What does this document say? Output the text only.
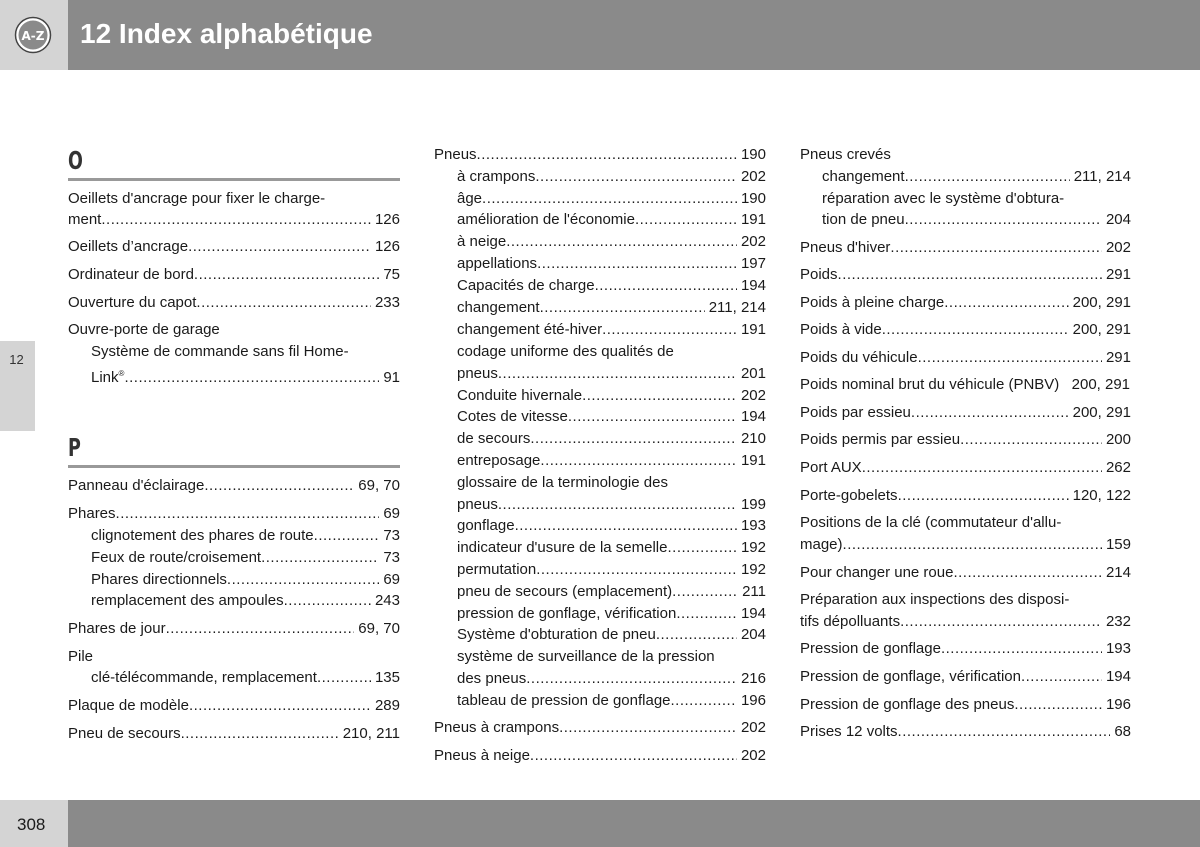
A-Z 12 Index alphabétique
12
O
Oeillets d'ancrage pour fixer le charge-
ment .....	126
Oeillets d’ancrage .....	126
Ordinateur de bord .....	75
Ouverture du capot .....	233
Ouvre-porte de garage
Système de commande sans fil Home-
Link® .....	91
P
Panneau d'éclairage .....	69, 70
Phares .....	69
clignotement des phares de route .....	73
Feux de route/croisement .....	73
Phares directionnels .....	69
remplacement des ampoules .....	243
Phares de jour .....	69, 70
Pile
clé-télécommande, remplacement .....	135
Plaque de modèle .....	289
Pneu de secours .....	210, 211
Pneus .....	190
à crampons .....	202
âge .....	190
amélioration de l'économie .....	191
à neige .....	202
appellations .....	197
Capacités de charge .....	194
changement .....	211, 214
changement été-hiver .....	191
codage uniforme des qualités de
pneus .....	201
Conduite hivernale .....	202
Cotes de vitesse .....	194
de secours .....	210
entreposage .....	191
glossaire de la terminologie des
pneus .....	199
gonflage .....	193
indicateur d'usure de la semelle .....	192
permutation .....	192
pneu de secours (emplacement) .....	211
pression de gonflage, vérification .....	194
Système d'obturation de pneu .....	204
système de surveillance de la pression
des pneus .....	216
tableau de pression de gonflage .....	196
Pneus à crampons .....	202
Pneus à neige .....	202
Pneus crevés
changement .....	211, 214
réparation avec le système d'obtura-
tion de pneu .....	204
Pneus d'hiver .....	202
Poids .....	291
Poids à pleine charge .....	200, 291
Poids à vide .....	200, 291
Poids du véhicule .....	291
Poids nominal brut du véhicule (PNBV) 200, 291
Poids par essieu .....	200, 291
Poids permis par essieu .....	200
Port AUX .....	262
Porte-gobelets .....	120, 122
Positions de la clé (commutateur d'allu-
mage) .....	159
Pour changer une roue .....	214
Préparation aux inspections des disposi-
tifs dépolluants .....	232
Pression de gonflage .....	193
Pression de gonflage, vérification .....	194
Pression de gonflage des pneus .....	196
Prises 12 volts .....	68
308
